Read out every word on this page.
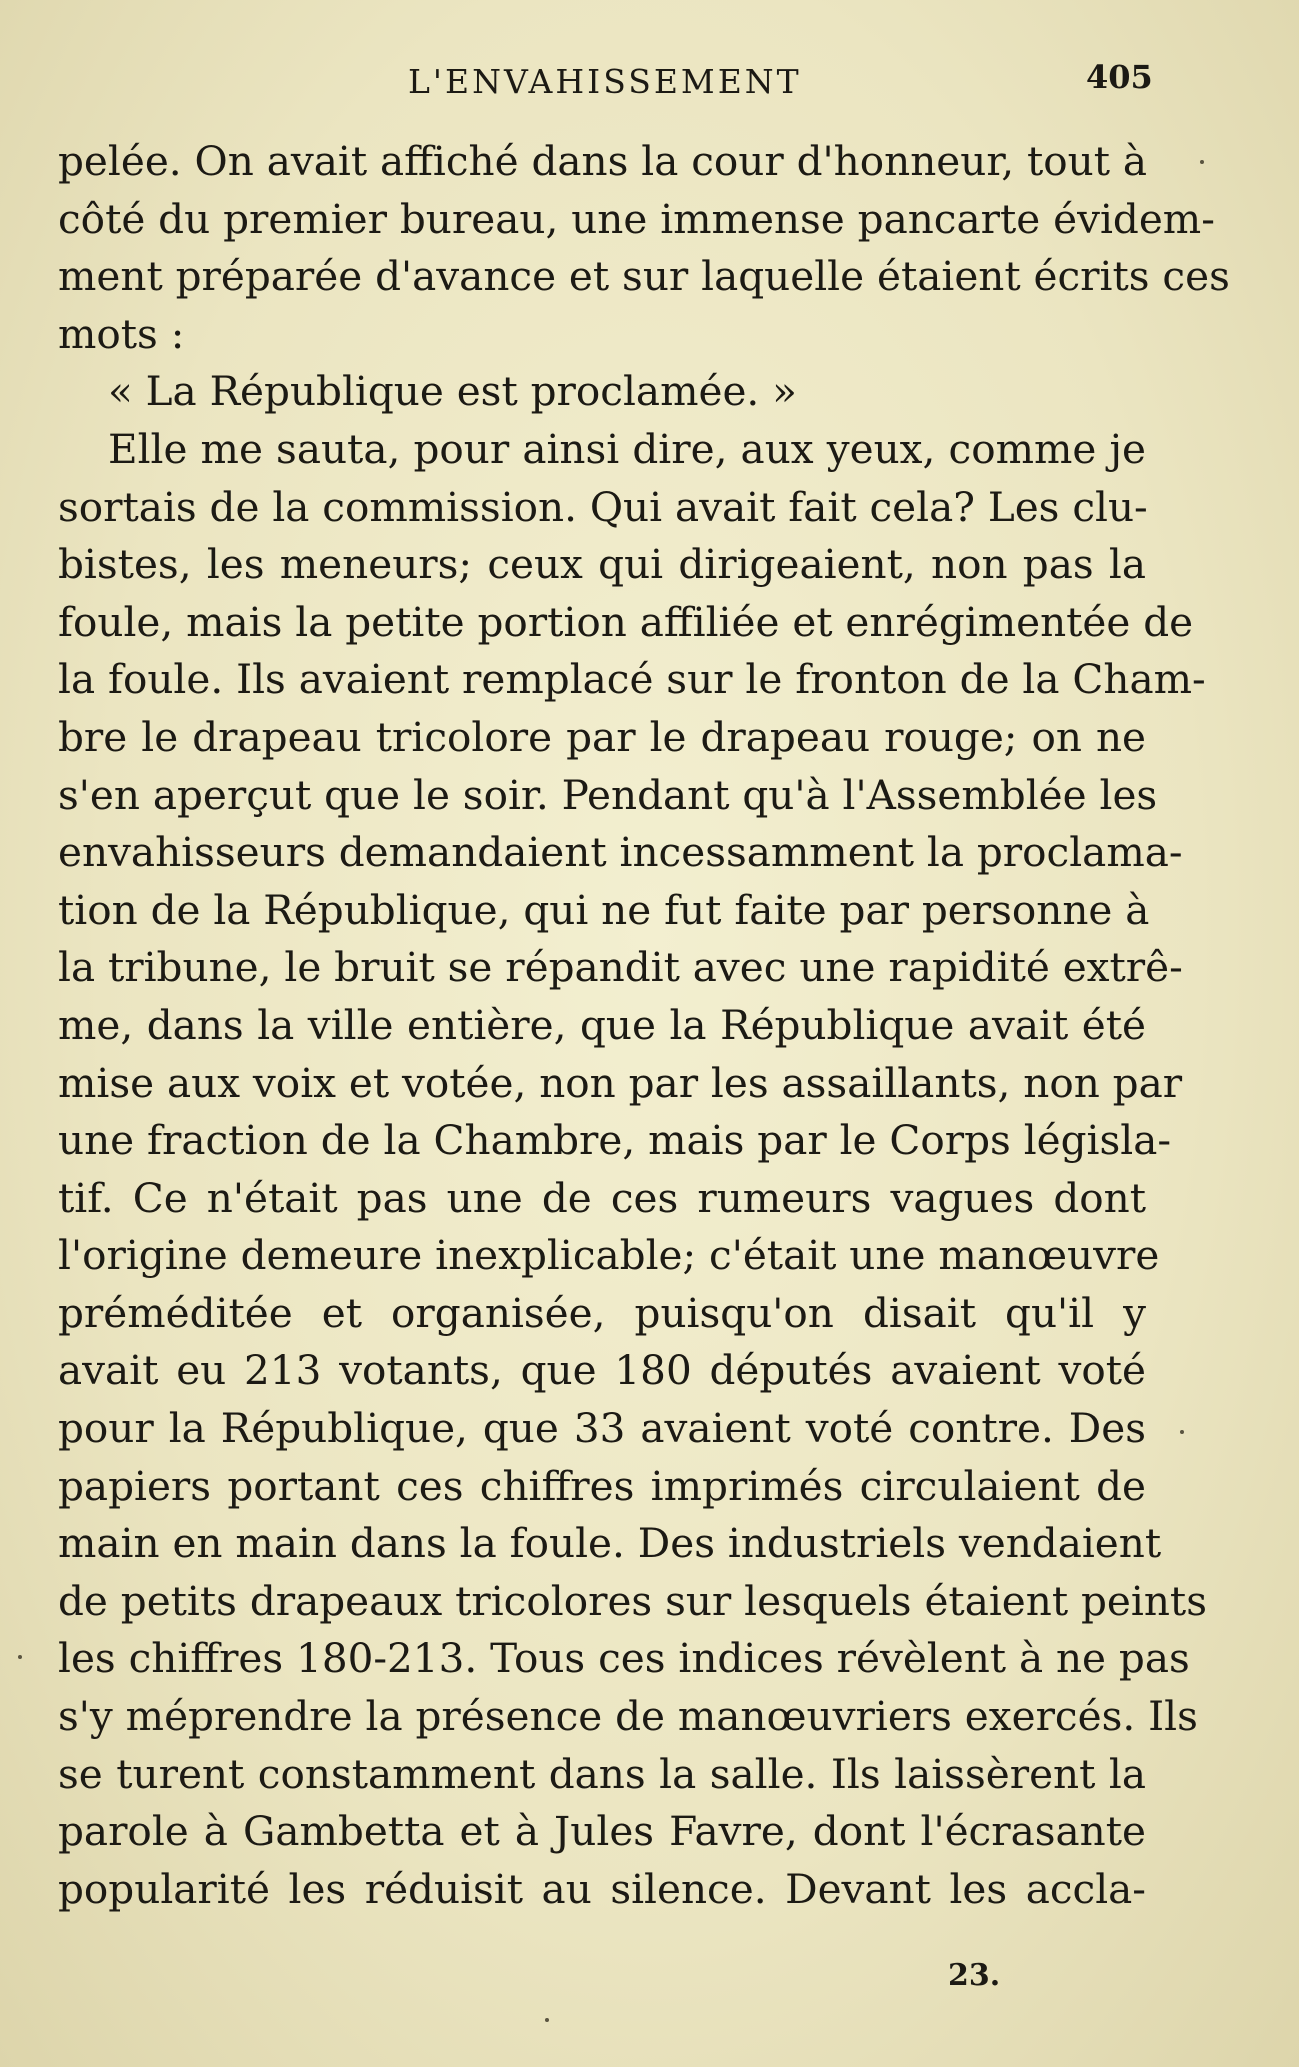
L'ENVAHISSEMENT	405
pelée. On avait affiché dans la cour d'honneur, tout à
côté du premier bureau, une immense pancarte évidem-
ment préparée d'avance et sur laquelle étaient écrits ces
mots :
« La République est proclamée. »
Elle me sauta, pour ainsi dire, aux yeux, comme je
sortais de la commission. Qui avait fait cela? Les clu-
bistes, les meneurs; ceux qui dirigeaient, non pas la
foule, mais la petite portion affiliée et enrégimentée de
la foule. Ils avaient remplacé sur le fronton de la Cham-
bre le drapeau tricolore par le drapeau rouge; on ne
s'en aperçut que le soir. Pendant qu'à l'Assemblée les
envahisseurs demandaient incessamment la proclama-
tion de la République, qui ne fut faite par personne à
la tribune, le bruit se répandit avec une rapidité extrê-
me, dans la ville entière, que la République avait été
mise aux voix et votée, non par les assaillants, non par
une fraction de la Chambre, mais par le Corps législa-
tif. Ce n'était pas une de ces rumeurs vagues dont
l'origine demeure inexplicable; c'était une manœuvre
préméditée et organisée, puisqu'on disait qu'il y
avait eu 213 votants, que 180 députés avaient voté
pour la République, que 33 avaient voté contre. Des
papiers portant ces chiffres imprimés circulaient de
main en main dans la foule. Des industriels vendaient
de petits drapeaux tricolores sur lesquels étaient peints
les chiffres 180-213. Tous ces indices révèlent à ne pas
s'y méprendre la présence de manœuvriers exercés. Ils
se turent constamment dans la salle. Ils laissèrent la
parole à Gambetta et à Jules Favre, dont l'écrasante
popularité les réduisit au silence. Devant les accla-
23.
